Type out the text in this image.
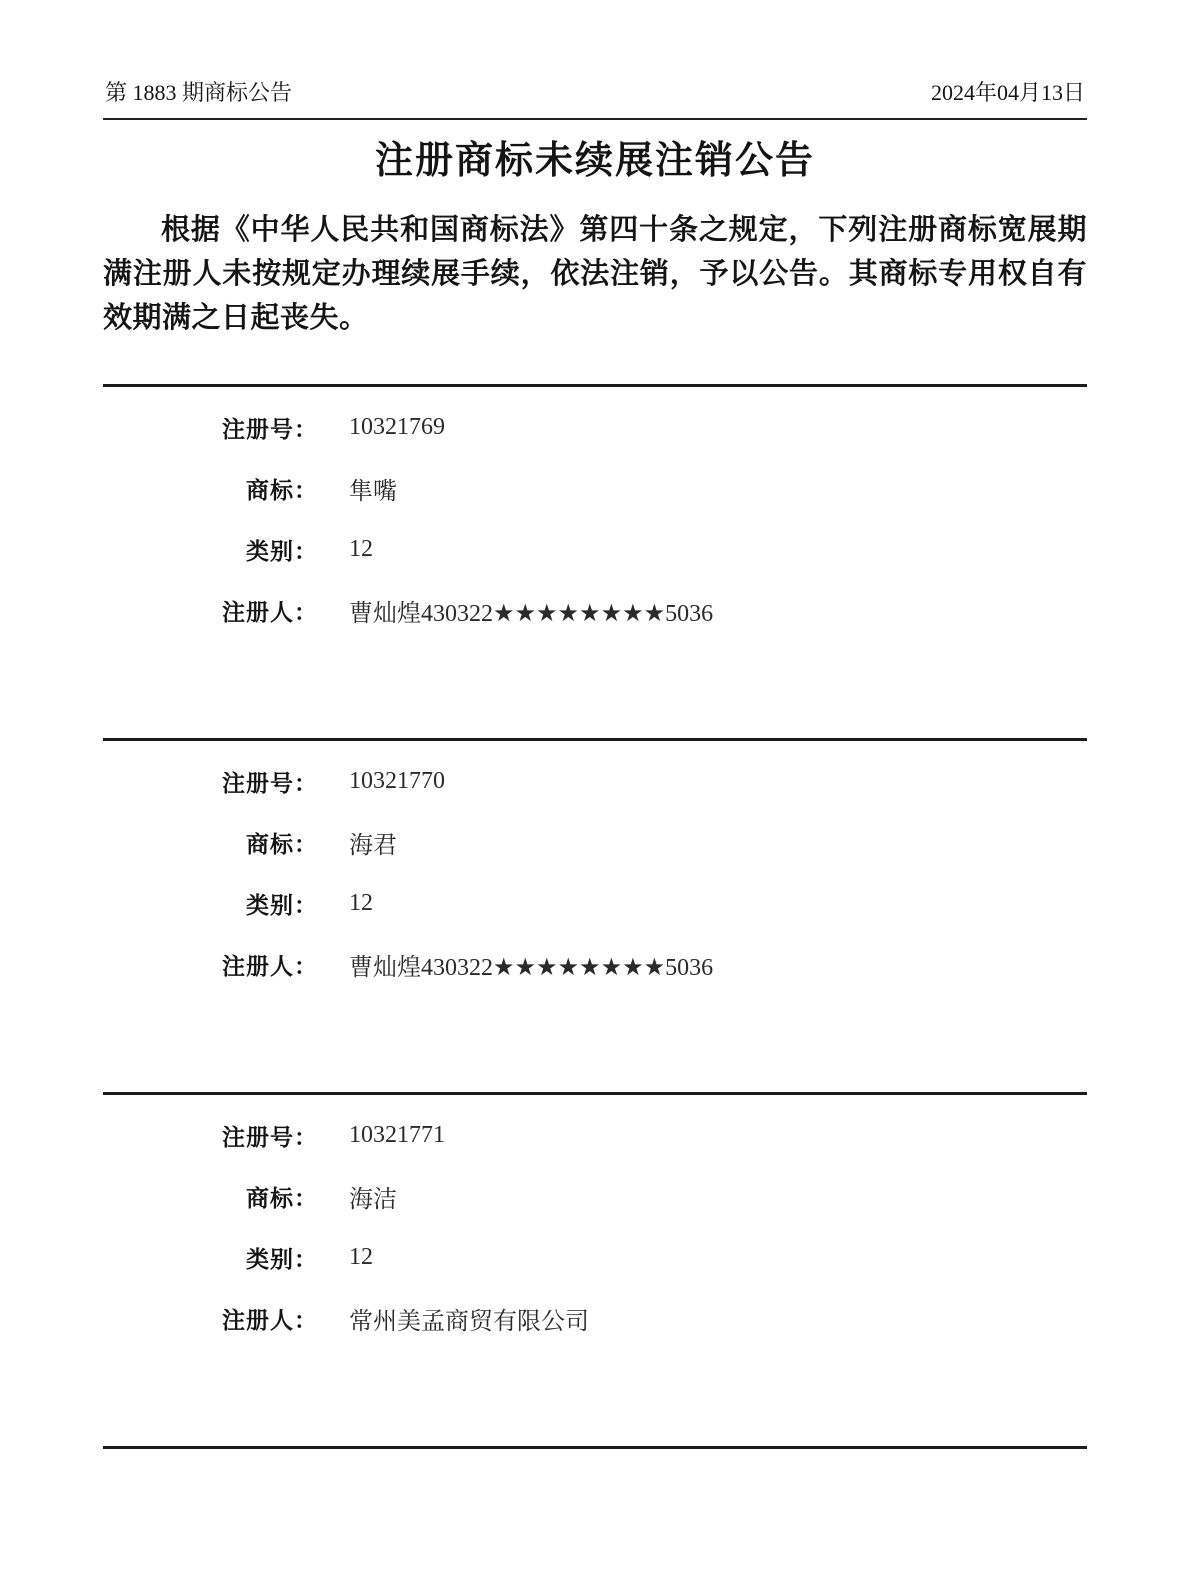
第 1883 期商标公告	2024年04月13日
注册商标未续展注销公告

根据《中华人民共和国商标法》第四十条之规定，下列注册商标宽展期满注册人未按规定办理续展手续，依法注销，予以公告。其商标专用权自有效期满之日起丧失。

注册号： 10321769
商标： 隼嘴
类别： 12
注册人： 曹灿煌430322★★★★★★★★5036
注册号： 10321770
商标： 海君
类别： 12
注册人： 曹灿煌430322★★★★★★★★5036
注册号： 10321771
商标： 海洁
类别： 12
注册人： 常州美孟商贸有限公司
